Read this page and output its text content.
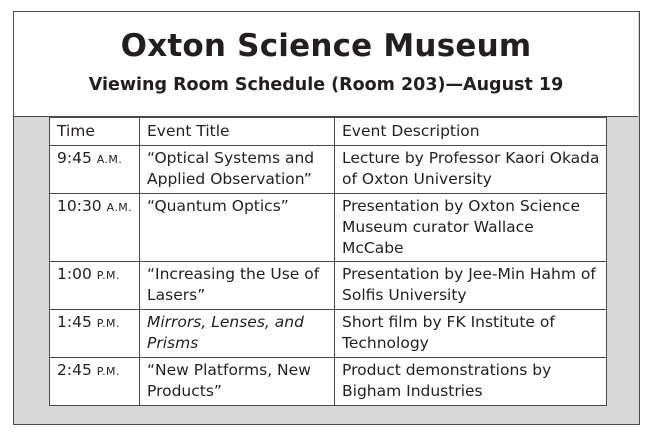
Oxton Science Museum
Viewing Room Schedule (Room 203)—August 19
Time	Event Title	Event Description
9:45 A.M.	“Optical Systems and Applied Observation”	Lecture by Professor Kaori Okada of Oxton University
10:30 A.M.	“Quantum Optics”	Presentation by Oxton Science Museum curator Wallace McCabe
1:00 P.M.	“Increasing the Use of Lasers”	Presentation by Jee-Min Hahm of Solfis University
1:45 P.M.	Mirrors, Lenses, and Prisms	Short film by FK Institute of Technology
2:45 P.M.	“New Platforms, New Products”	Product demonstrations by Bigham Industries
